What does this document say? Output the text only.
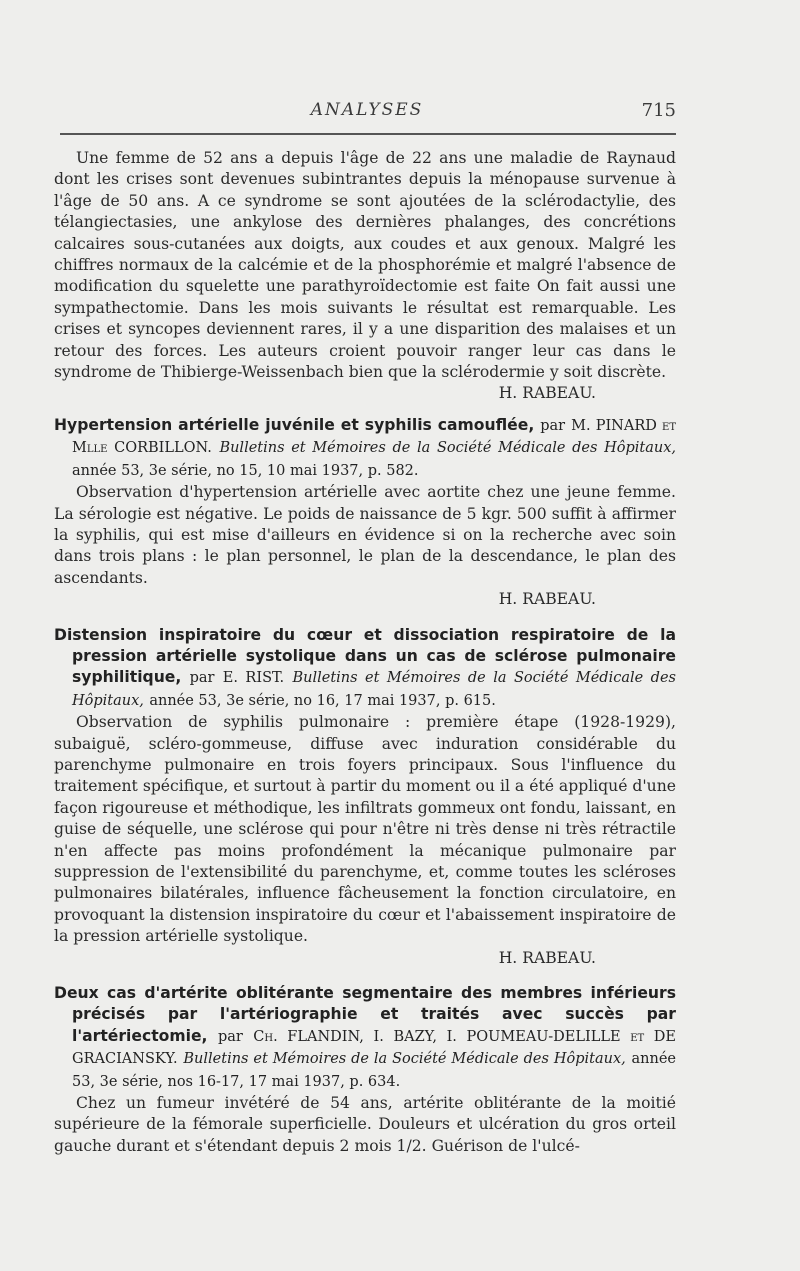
ANALYSES	715

Une femme de 52 ans a depuis l'âge de 22 ans une maladie de Raynaud dont les crises sont devenues subintrantes depuis la ménopause survenue à l'âge de 50 ans. A ce syndrome se sont ajoutées de la sclérodactylie, des télangiectasies, une ankylose des dernières phalanges, des concrétions calcaires sous-cutanées aux doigts, aux coudes et aux genoux. Malgré les chiffres normaux de la calcémie et de la phosphorémie et malgré l'absence de modification du squelette une parathyroïdectomie est faite On fait aussi une sympathectomie. Dans les mois suivants le résultat est remarquable. Les crises et syncopes deviennent rares, il y a une disparition des malaises et un retour des forces. Les auteurs croient pouvoir ranger leur cas dans le syndrome de Thibierge-Weissenbach bien que la sclérodermie y soit discrète.

H. RABEAU.

Hypertension artérielle juvénile et syphilis camouflée, par M. PINARD et Mlle CORBILLON. Bulletins et Mémoires de la Société Médicale des Hôpitaux, année 53, 3e série, no 15, 10 mai 1937, p. 582.

Observation d'hypertension artérielle avec aortite chez une jeune femme. La sérologie est négative. Le poids de naissance de 5 kgr. 500 suffit à affirmer la syphilis, qui est mise d'ailleurs en évidence si on la recherche avec soin dans trois plans : le plan personnel, le plan de la descendance, le plan des ascendants.

H. RABEAU.

Distension inspiratoire du cœur et dissociation respiratoire de la pression artérielle systolique dans un cas de sclérose pulmonaire syphilitique, par E. RIST. Bulletins et Mémoires de la Société Médicale des Hôpitaux, année 53, 3e série, no 16, 17 mai 1937, p. 615.

Observation de syphilis pulmonaire : première étape (1928-1929), subaiguë, scléro-gommeuse, diffuse avec induration considérable du parenchyme pulmonaire en trois foyers principaux. Sous l'influence du traitement spécifique, et surtout à partir du moment ou il a été appliqué d'une façon rigoureuse et méthodique, les infiltrats gommeux ont fondu, laissant, en guise de séquelle, une sclérose qui pour n'être ni très dense ni très rétractile n'en affecte pas moins profondément la mécanique pulmonaire par suppression de l'extensibilité du parenchyme, et, comme toutes les scléroses pulmonaires bilatérales, influence fâcheusement la fonction circulatoire, en provoquant la distension inspiratoire du cœur et l'abaissement inspiratoire de la pression artérielle systolique.

H. RABEAU.

Deux cas d'artérite oblitérante segmentaire des membres inférieurs précisés par l'artériographie et traités avec succès par l'artériectomie, par Ch. FLANDIN, I. BAZY, I. POUMEAU-DELILLE et DE GRACIANSKY. Bulletins et Mémoires de la Société Médicale des Hôpitaux, année 53, 3e série, nos 16-17, 17 mai 1937, p. 634.

Chez un fumeur invétéré de 54 ans, artérite oblitérante de la moitié supérieure de la fémorale superficielle. Douleurs et ulcération du gros orteil gauche durant et s'étendant depuis 2 mois 1/2. Guérison de l'ulcé-
